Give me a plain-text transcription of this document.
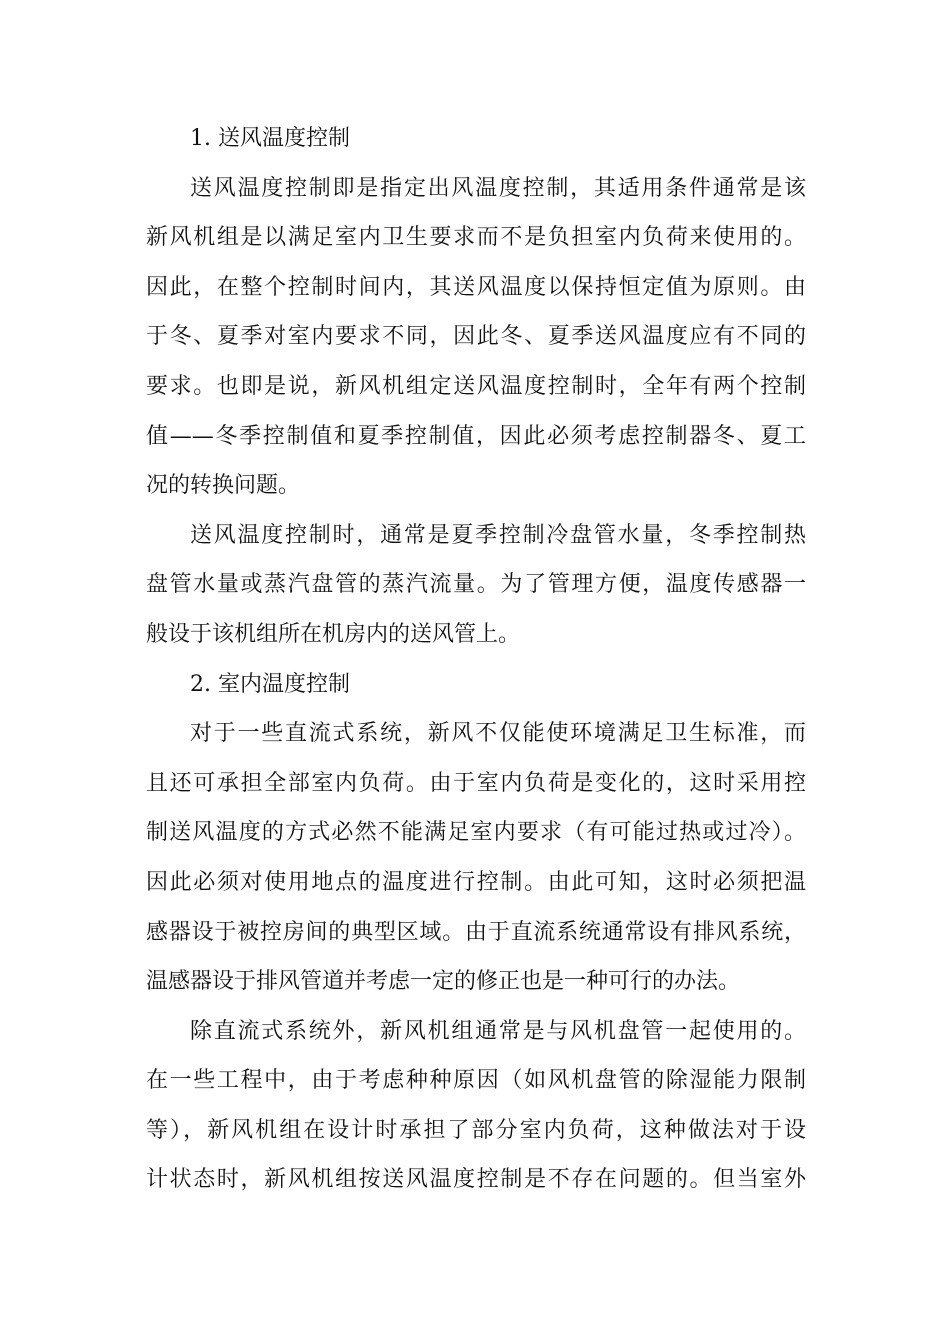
1. 送风温度控制
送风温度控制即是指定出风温度控制，其适用条件通常是该
新风机组是以满足室内卫生要求而不是负担室内负荷来使用的。
因此，在整个控制时间内，其送风温度以保持恒定值为原则。由
于冬、夏季对室内要求不同，因此冬、夏季送风温度应有不同的
要求。也即是说，新风机组定送风温度控制时，全年有两个控制
值——冬季控制值和夏季控制值，因此必须考虑控制器冬、夏工
况的转换问题。
送风温度控制时，通常是夏季控制冷盘管水量，冬季控制热
盘管水量或蒸汽盘管的蒸汽流量。为了管理方便，温度传感器一
般设于该机组所在机房内的送风管上。
2. 室内温度控制
对于一些直流式系统，新风不仅能使环境满足卫生标准，而
且还可承担全部室内负荷。由于室内负荷是变化的，这时采用控
制送风温度的方式必然不能满足室内要求（有可能过热或过冷）。
因此必须对使用地点的温度进行控制。由此可知，这时必须把温
感器设于被控房间的典型区域。由于直流系统通常设有排风系统，
温感器设于排风管道并考虑一定的修正也是一种可行的办法。
除直流式系统外，新风机组通常是与风机盘管一起使用的。
在一些工程中，由于考虑种种原因（如风机盘管的除湿能力限制
等），新风机组在设计时承担了部分室内负荷，这种做法对于设
计状态时，新风机组按送风温度控制是不存在问题的。但当室外
